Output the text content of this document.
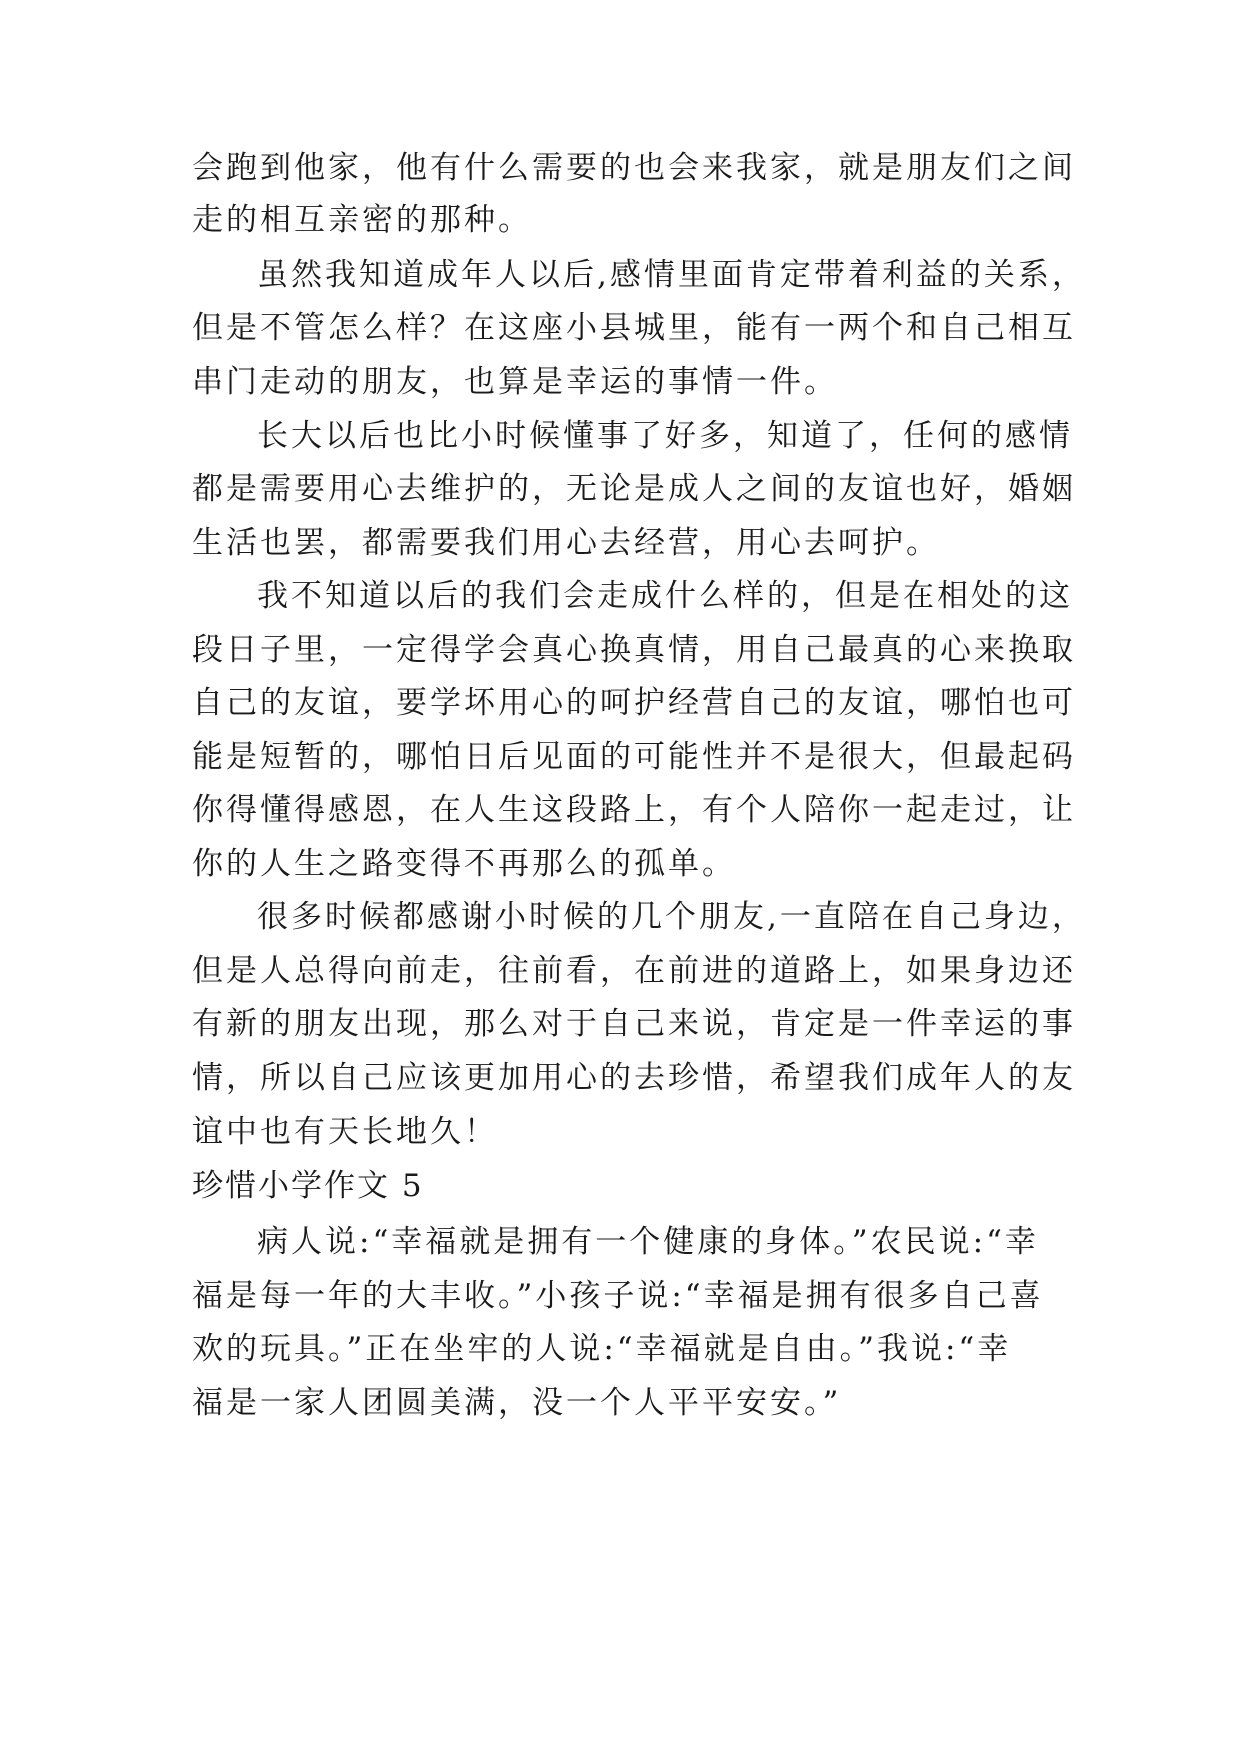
会跑到他家，他有什么需要的也会来我家，就是朋友们之间

走的相互亲密的那种。

虽然我知道成年人以后,感情里面肯定带着利益的关系，

但是不管怎么样？在这座小县城里，能有一两个和自己相互

串门走动的朋友，也算是幸运的事情一件。

长大以后也比小时候懂事了好多，知道了，任何的感情

都是需要用心去维护的，无论是成人之间的友谊也好，婚姻

生活也罢，都需要我们用心去经营，用心去呵护。

我不知道以后的我们会走成什么样的，但是在相处的这

段日子里，一定得学会真心换真情，用自己最真的心来换取

自己的友谊，要学坏用心的呵护经营自己的友谊，哪怕也可

能是短暂的，哪怕日后见面的可能性并不是很大，但最起码

你得懂得感恩，在人生这段路上，有个人陪你一起走过，让

你的人生之路变得不再那么的孤单。

很多时候都感谢小时候的几个朋友,一直陪在自己身边，

但是人总得向前走，往前看，在前进的道路上，如果身边还

有新的朋友出现，那么对于自己来说，肯定是一件幸运的事

情，所以自己应该更加用心的去珍惜，希望我们成年人的友

谊中也有天长地久！

珍惜小学作文 5

病人说:“幸福就是拥有一个健康的身体。”农民说:“幸

福是每一年的大丰收。”小孩子说:“幸福是拥有很多自己喜

欢的玩具。”正在坐牢的人说:“幸福就是自由。”我说:“幸

福是一家人团圆美满，没一个人平平安安。”
